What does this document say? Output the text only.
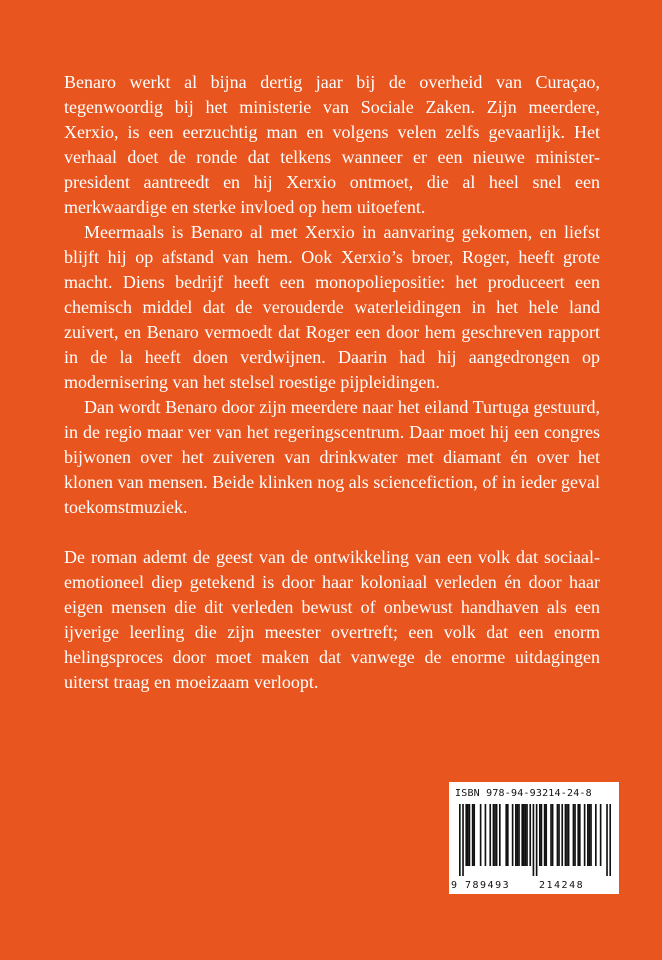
Benaro werkt al bijna dertig jaar bij de overheid van Curaçao, tegenwoordig bij het ministerie van Sociale Zaken. Zijn meerdere, Xerxio, is een eerzuchtig man en volgens velen zelfs gevaarlijk. Het verhaal doet de ronde dat telkens wanneer er een nieuwe minister-president aantreedt en hij Xerxio ontmoet, die al heel snel een merkwaardige en sterke invloed op hem uitoefent.

Meermaals is Benaro al met Xerxio in aanvaring gekomen, en liefst blijft hij op afstand van hem. Ook Xerxio’s broer, Roger, heeft grote macht. Diens bedrijf heeft een monopoliepositie: het produceert een chemisch middel dat de verouderde waterleidingen in het hele land zuivert, en Benaro vermoedt dat Roger een door hem geschreven rapport in de la heeft doen verdwijnen. Daarin had hij aangedrongen op modernisering van het stelsel roestige pijpleidingen.

Dan wordt Benaro door zijn meerdere naar het eiland Turtuga gestuurd, in de regio maar ver van het regeringscentrum. Daar moet hij een congres bijwonen over het zuiveren van drinkwater met diamant én over het klonen van mensen. Beide klinken nog als sciencefiction, of in ieder geval toekomstmuziek.

De roman ademt de geest van de ontwikkeling van een volk dat sociaal-emotioneel diep getekend is door haar koloniaal verleden én door haar eigen mensen die dit verleden bewust of onbewust handhaven als een ijverige leerling die zijn meester overtreft; een volk dat een enorm helingsproces door moet maken dat vanwege de enorme uitdagingen uiterst traag en moeizaam verloopt.

ISBN 978-94-93214-24-8
9 789493	214248
